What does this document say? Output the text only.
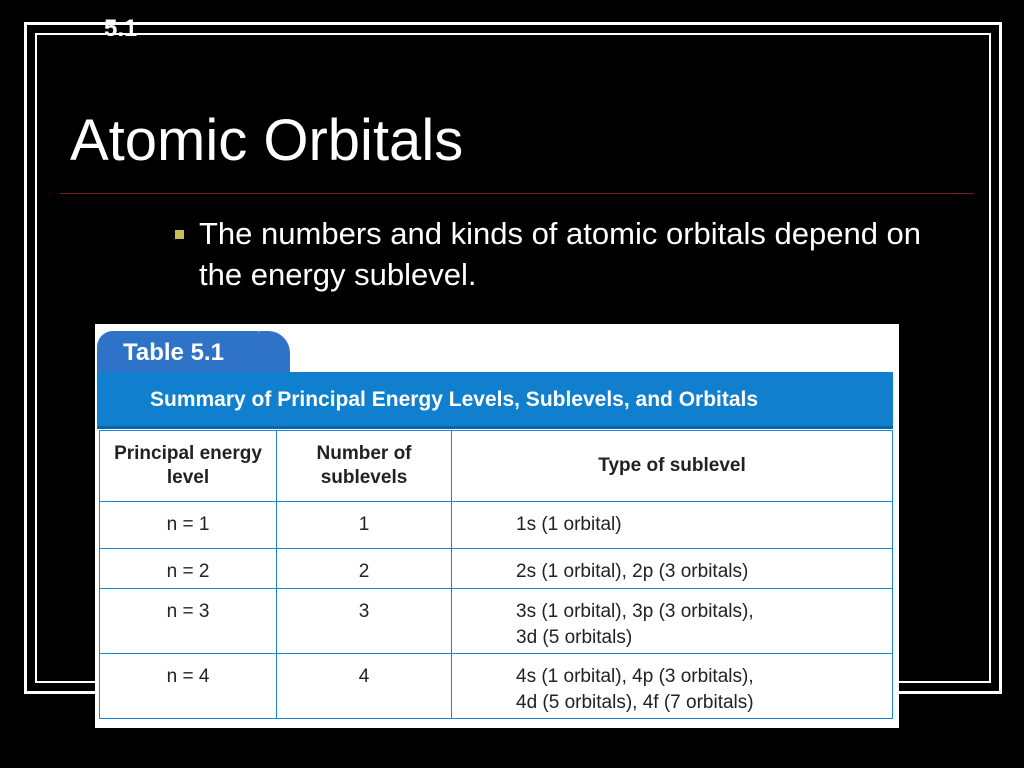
5.1
Atomic Orbitals
The numbers and kinds of atomic orbitals depend on the energy sublevel.
Table 5.1
Summary of Principal Energy Levels, Sublevels, and Orbitals
Principal energy level	Number of sublevels	Type of sublevel
n = 1	1	1s (1 orbital)
n = 2	2	2s (1 orbital), 2p (3 orbitals)
n = 3	3	3s (1 orbital), 3p (3 orbitals),
3d (5 orbitals)
n = 4	4	4s (1 orbital), 4p (3 orbitals),
4d (5 orbitals), 4f (7 orbitals)
